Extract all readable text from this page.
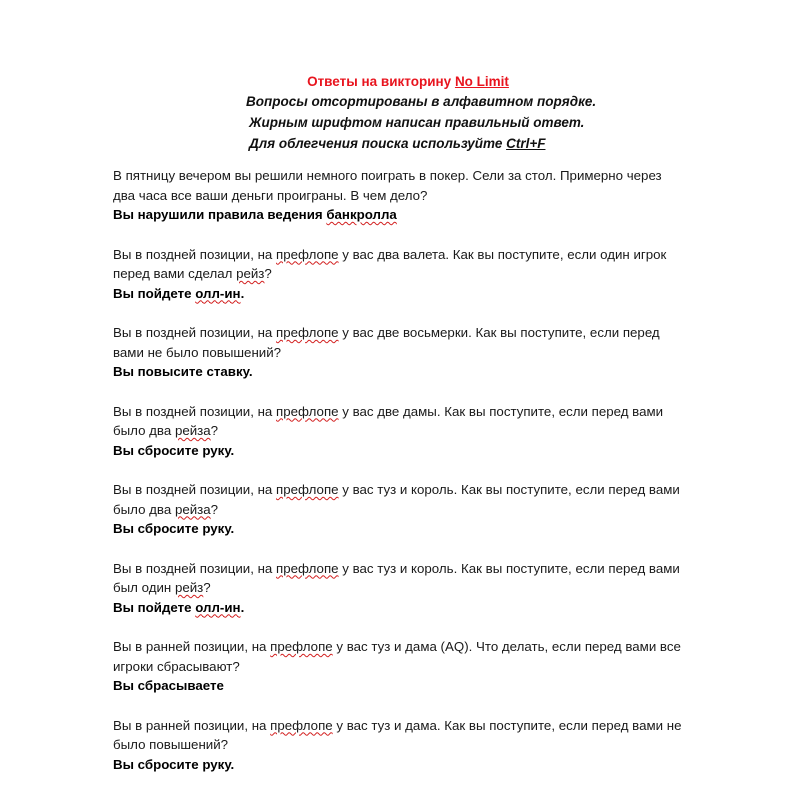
Ответы на викторину No Limit
Вопросы отсортированы в алфавитном порядке.
Жирным шрифтом написан правильный ответ.
Для облегчения поиска используйте Ctrl+F
В пятницу вечером вы решили немного поиграть в покер. Сели за стол. Примерно через
два часа все ваши деньги проиграны. В чем дело?
Вы нарушили правила ведения банкролла
Вы в поздней позиции, на префлопе у вас два валета. Как вы поступите, если один игрок
перед вами сделал рейз?
Вы пойдете олл-ин.
Вы в поздней позиции, на префлопе у вас две восьмерки. Как вы поступите, если перед
вами не было повышений?
Вы повысите ставку.
Вы в поздней позиции, на префлопе у вас две дамы. Как вы поступите, если перед вами
было два рейза?
Вы сбросите руку.
Вы в поздней позиции, на префлопе у вас туз и король. Как вы поступите, если перед вами
было два рейза?
Вы сбросите руку.
Вы в поздней позиции, на префлопе у вас туз и король. Как вы поступите, если перед вами
был один рейз?
Вы пойдете олл-ин.
Вы в ранней позиции, на префлопе у вас туз и дама (AQ). Что делать, если перед вами все
игроки сбрасывают?
Вы сбрасываете
Вы в ранней позиции, на префлопе у вас туз и дама. Как вы поступите, если перед вами не
было повышений?
Вы сбросите руку.
